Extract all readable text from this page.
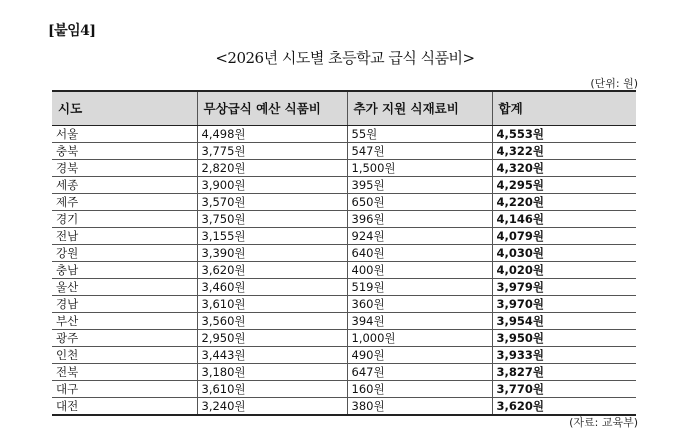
[붙임4]
<2026년 시도별 초등학교 급식 식품비>
(단위: 원)
시도	무상급식 예산 식품비	추가 지원 식재료비	합계
서울	4,498원	55원	4,553원
충북	3,775원	547원	4,322원
경북	2,820원	1,500원	4,320원
세종	3,900원	395원	4,295원
제주	3,570원	650원	4,220원
경기	3,750원	396원	4,146원
전남	3,155원	924원	4,079원
강원	3,390원	640원	4,030원
충남	3,620원	400원	4,020원
울산	3,460원	519원	3,979원
경남	3,610원	360원	3,970원
부산	3,560원	394원	3,954원
광주	2,950원	1,000원	3,950원
인천	3,443원	490원	3,933원
전북	3,180원	647원	3,827원
대구	3,610원	160원	3,770원
대전	3,240원	380원	3,620원
(자료: 교육부)
